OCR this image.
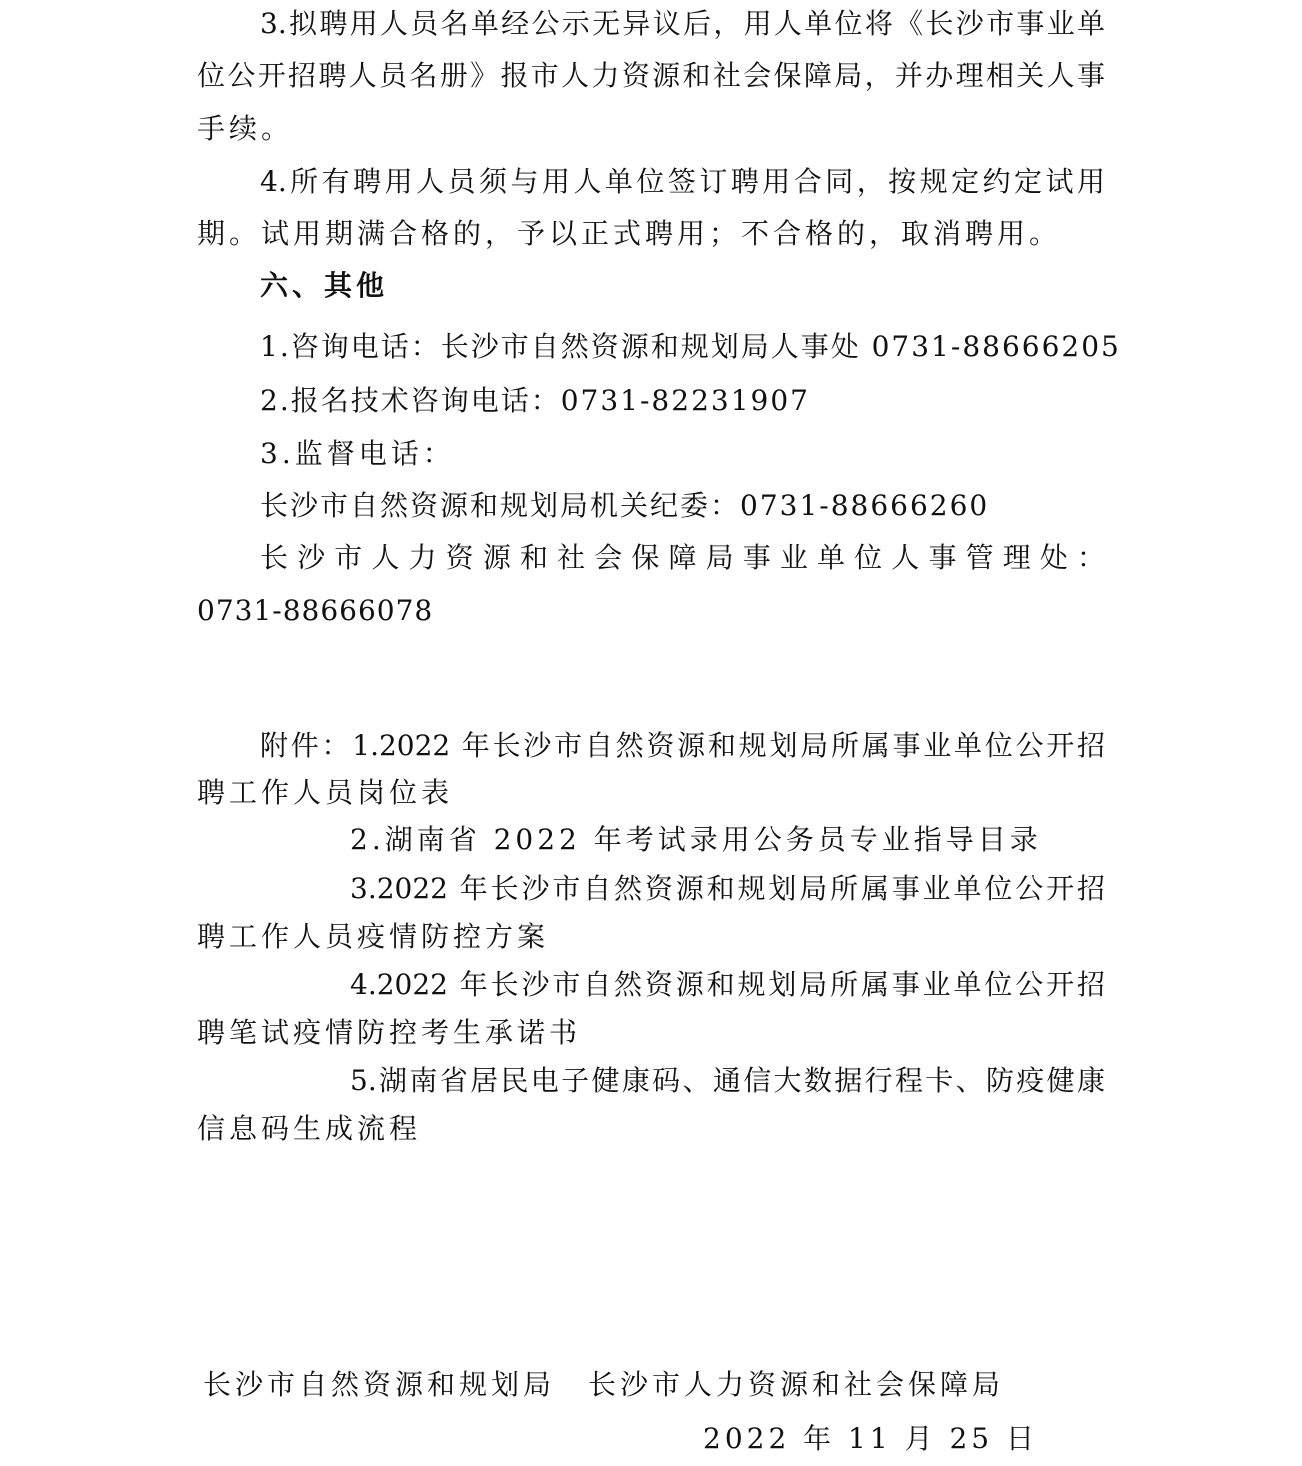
3.拟聘用人员名单经公示无异议后，用人单位将《长沙市事业单
位公开招聘人员名册》报市人力资源和社会保障局，并办理相关人事
手续。
4.所有聘用人员须与用人单位签订聘用合同，按规定约定试用
期。试用期满合格的，予以正式聘用；不合格的，取消聘用。
六、其他
1.咨询电话：长沙市自然资源和规划局人事处 0731-88666205
2.报名技术咨询电话：0731-82231907
3.监督电话：
长沙市自然资源和规划局机关纪委：0731-88666260
长沙市人力资源和社会保障局事业单位人事管理处：
0731-88666078
附件：1.2022 年长沙市自然资源和规划局所属事业单位公开招
聘工作人员岗位表
2.湖南省 2022 年考试录用公务员专业指导目录
3.2022 年长沙市自然资源和规划局所属事业单位公开招
聘工作人员疫情防控方案
4.2022 年长沙市自然资源和规划局所属事业单位公开招
聘笔试疫情防控考生承诺书
5.湖南省居民电子健康码、通信大数据行程卡、防疫健康
信息码生成流程
长沙市自然资源和规划局 长沙市人力资源和社会保障局
2022 年 11 月 25 日
